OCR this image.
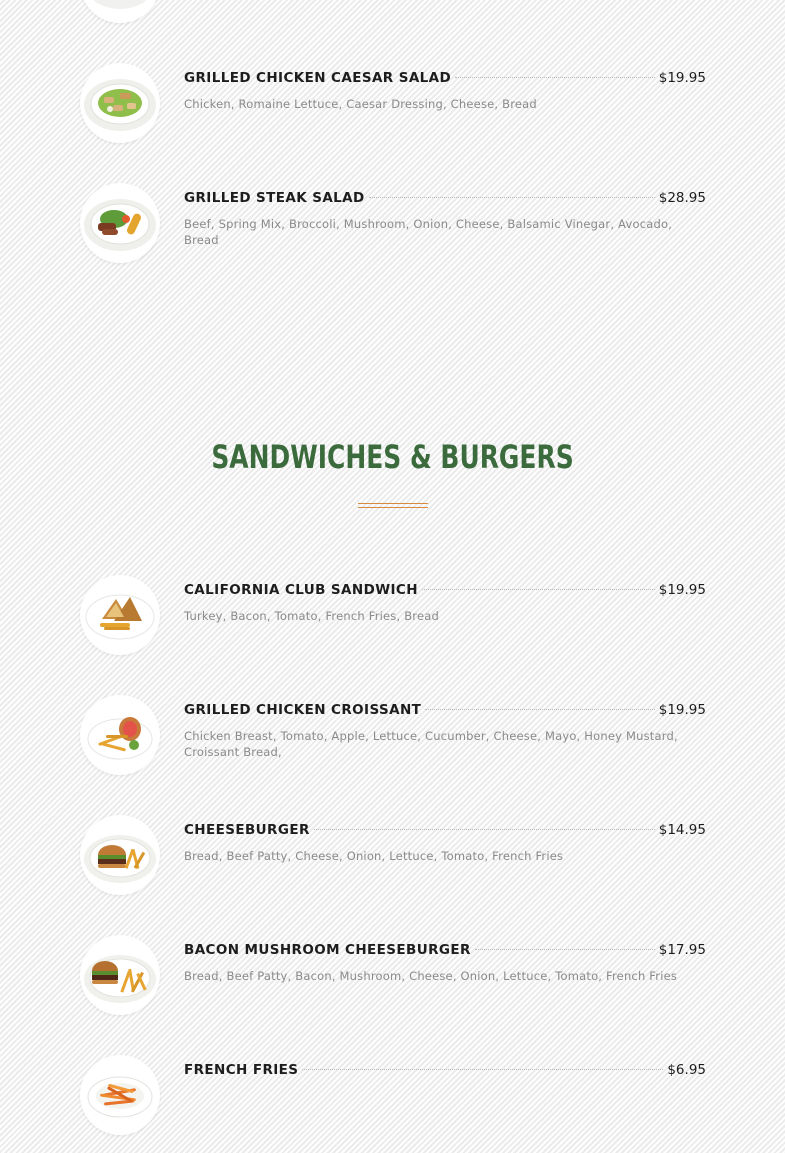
GRILLED CHICKEN CAESAR SALAD	$19.95
Chicken, Romaine Lettuce, Caesar Dressing, Cheese, Bread
GRILLED STEAK SALAD	$28.95
Beef, Spring Mix, Broccoli, Mushroom, Onion, Cheese, Balsamic Vinegar, Avocado, Bread
SANDWICHES & BURGERS
CALIFORNIA CLUB SANDWICH	$19.95
Turkey, Bacon, Tomato, French Fries, Bread
GRILLED CHICKEN CROISSANT	$19.95
Chicken Breast, Tomato, Apple, Lettuce, Cucumber, Cheese, Mayo, Honey Mustard, Croissant Bread,
CHEESEBURGER	$14.95
Bread, Beef Patty, Cheese, Onion, Lettuce, Tomato, French Fries
BACON MUSHROOM CHEESEBURGER	$17.95
Bread, Beef Patty, Bacon, Mushroom, Cheese, Onion, Lettuce, Tomato, French Fries
FRENCH FRIES	$6.95
